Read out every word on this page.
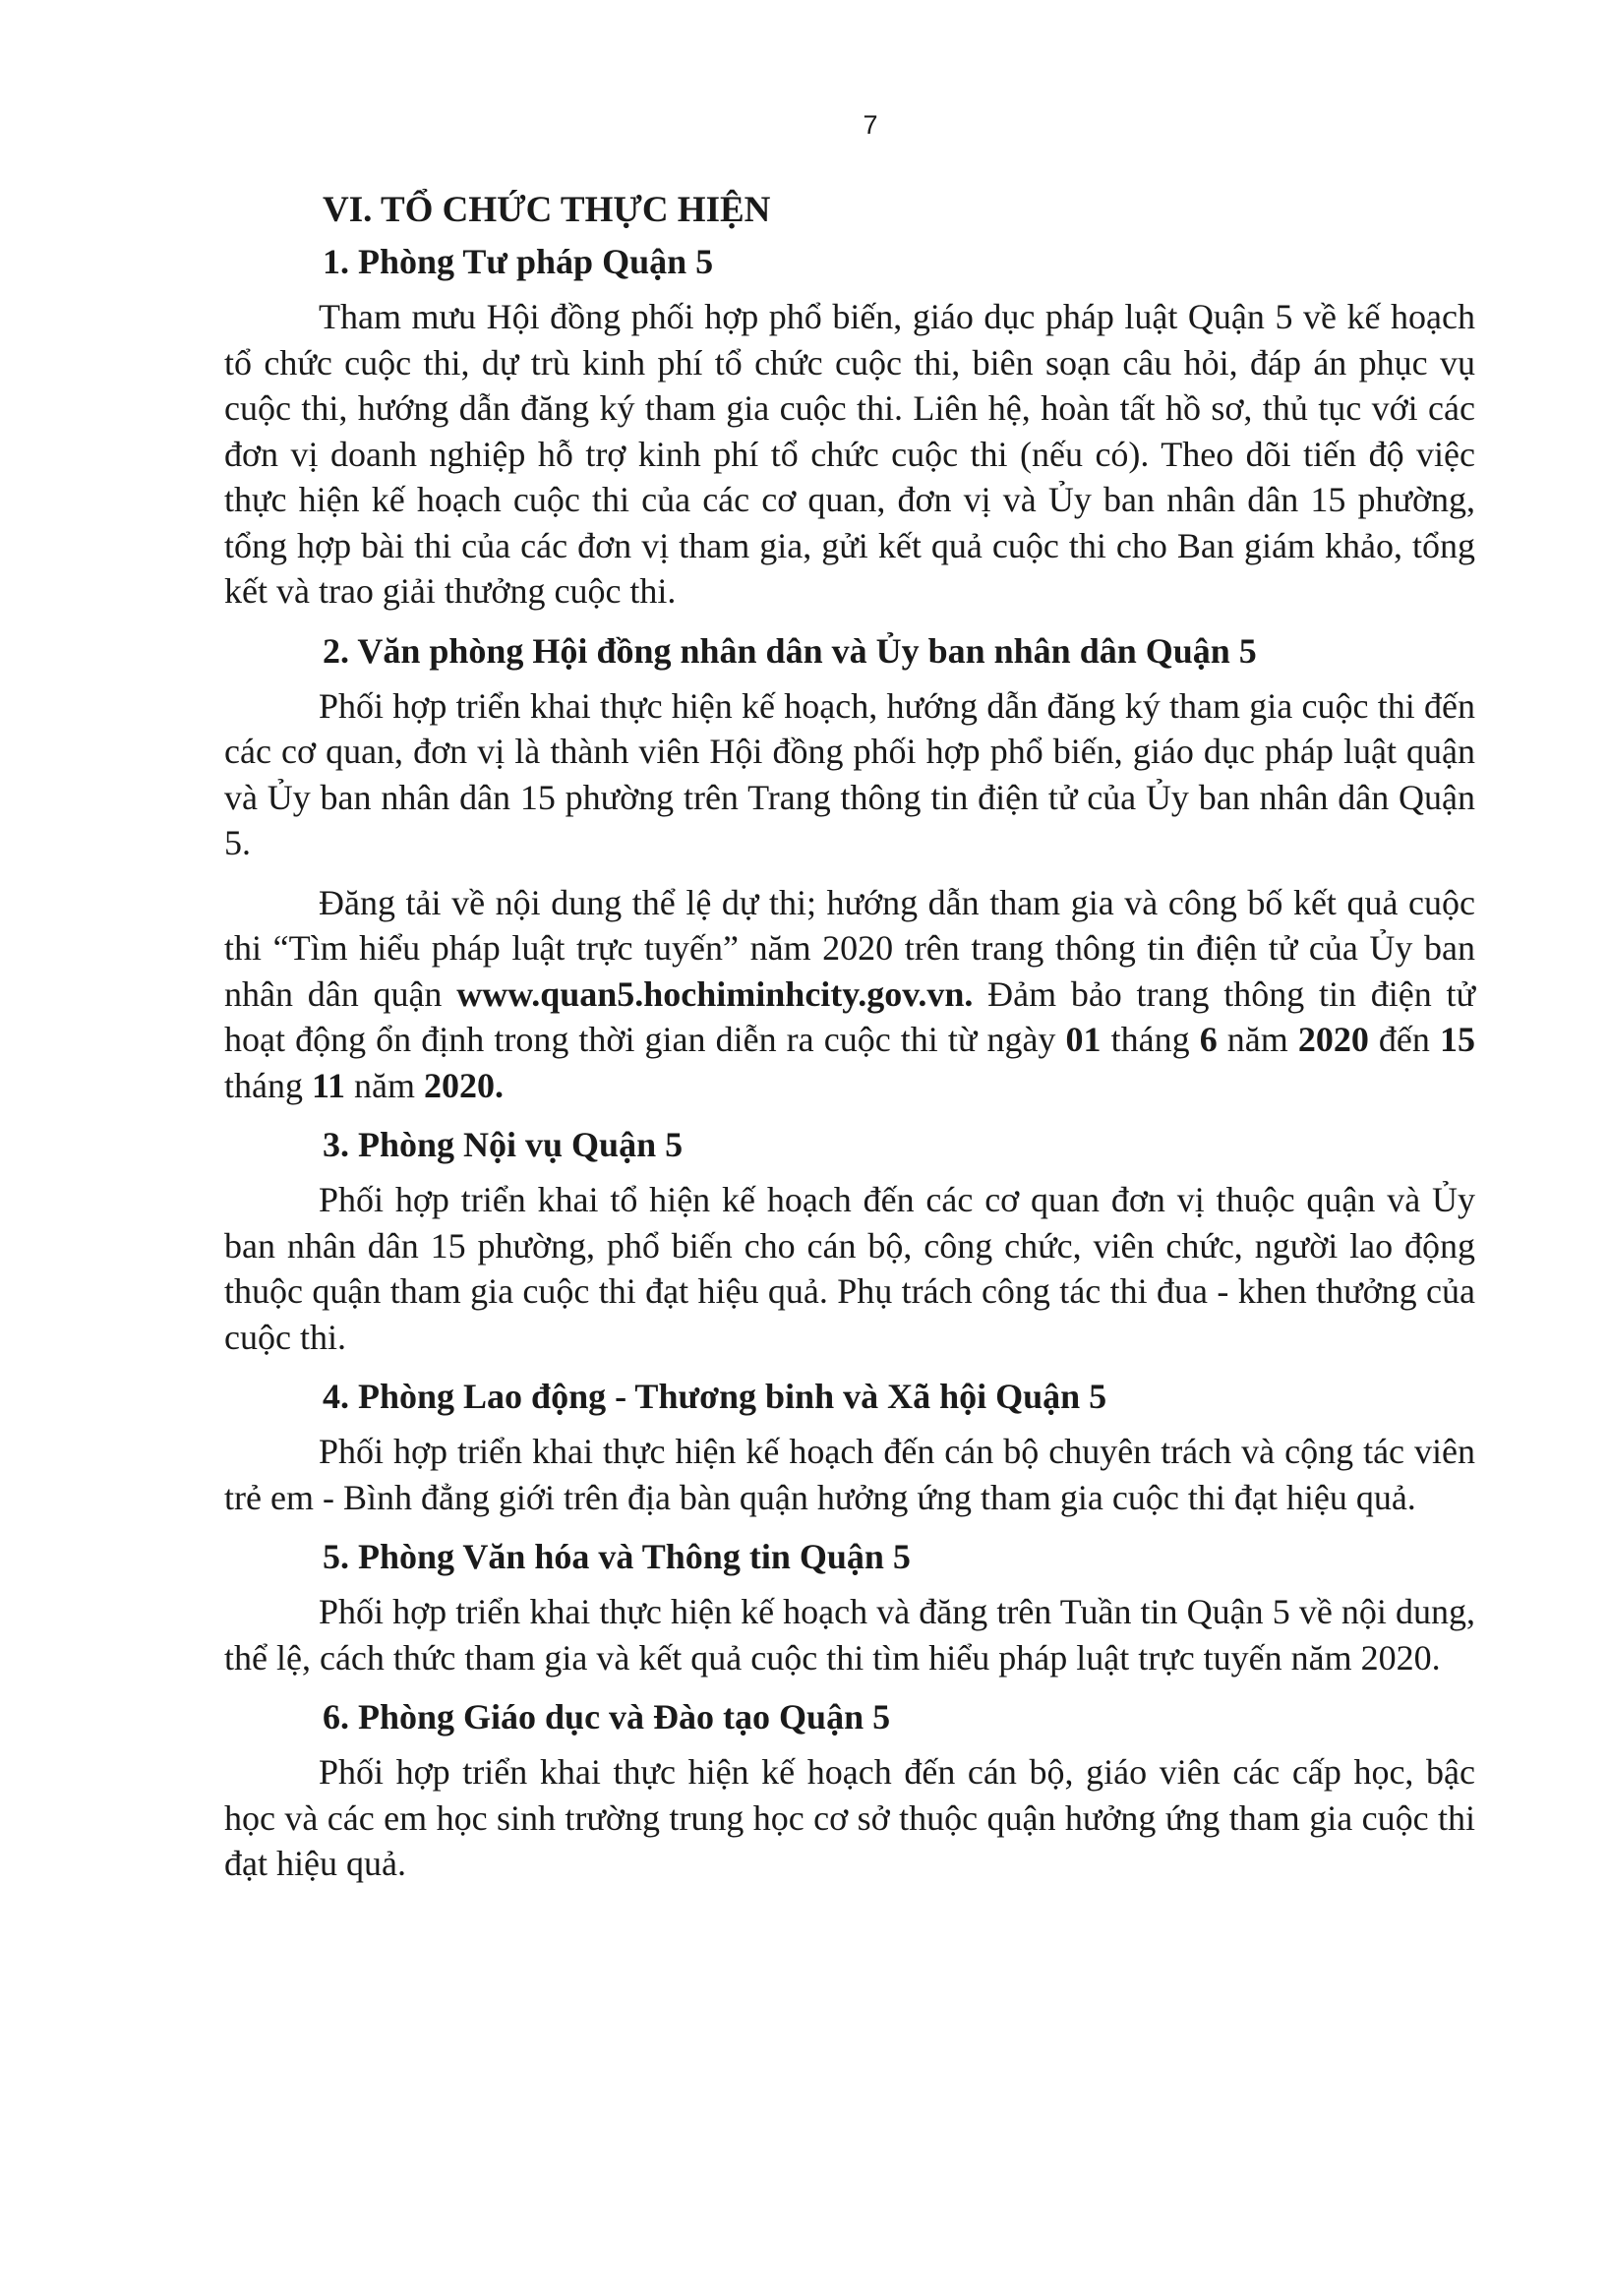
7
VI. TỔ CHỨC THỰC HIỆN
1. Phòng Tư pháp Quận 5

Tham mưu Hội đồng phối hợp phổ biến, giáo dục pháp luật Quận 5 về kế hoạch tổ chức cuộc thi, dự trù kinh phí tổ chức cuộc thi, biên soạn câu hỏi, đáp án phục vụ cuộc thi, hướng dẫn đăng ký tham gia cuộc thi. Liên hệ, hoàn tất hồ sơ, thủ tục với các đơn vị doanh nghiệp hỗ trợ kinh phí tổ chức cuộc thi (nếu có). Theo dõi tiến độ việc thực hiện kế hoạch cuộc thi của các cơ quan, đơn vị và Ủy ban nhân dân 15 phường, tổng hợp bài thi của các đơn vị tham gia, gửi kết quả cuộc thi cho Ban giám khảo, tổng kết và trao giải thưởng cuộc thi.

2. Văn phòng Hội đồng nhân dân và Ủy ban nhân dân Quận 5

Phối hợp triển khai thực hiện kế hoạch, hướng dẫn đăng ký tham gia cuộc thi đến các cơ quan, đơn vị là thành viên Hội đồng phối hợp phổ biến, giáo dục pháp luật quận và Ủy ban nhân dân 15 phường trên Trang thông tin điện tử của Ủy ban nhân dân Quận 5.

Đăng tải về nội dung thể lệ dự thi; hướng dẫn tham gia và công bố kết quả cuộc thi “Tìm hiểu pháp luật trực tuyến” năm 2020 trên trang thông tin điện tử của Ủy ban nhân dân quận www.quan5.hochiminhcity.gov.vn. Đảm bảo trang thông tin điện tử hoạt động ổn định trong thời gian diễn ra cuộc thi từ ngày 01 tháng 6 năm 2020 đến 15 tháng 11 năm 2020.

3. Phòng Nội vụ Quận 5

Phối hợp triển khai tổ hiện kế hoạch đến các cơ quan đơn vị thuộc quận và Ủy ban nhân dân 15 phường, phổ biến cho cán bộ, công chức, viên chức, người lao động thuộc quận tham gia cuộc thi đạt hiệu quả. Phụ trách công tác thi đua - khen thưởng của cuộc thi.

4. Phòng Lao động - Thương binh và Xã hội Quận 5

Phối hợp triển khai thực hiện kế hoạch đến cán bộ chuyên trách và cộng tác viên trẻ em - Bình đẳng giới trên địa bàn quận hưởng ứng tham gia cuộc thi đạt hiệu quả.

5. Phòng Văn hóa và Thông tin Quận 5

Phối hợp triển khai thực hiện kế hoạch và đăng trên Tuần tin Quận 5 về nội dung, thể lệ, cách thức tham gia và kết quả cuộc thi tìm hiểu pháp luật trực tuyến năm 2020.

6. Phòng Giáo dục và Đào tạo Quận 5

Phối hợp triển khai thực hiện kế hoạch đến cán bộ, giáo viên các cấp học, bậc học và các em học sinh trường trung học cơ sở thuộc quận hưởng ứng tham gia cuộc thi đạt hiệu quả.
